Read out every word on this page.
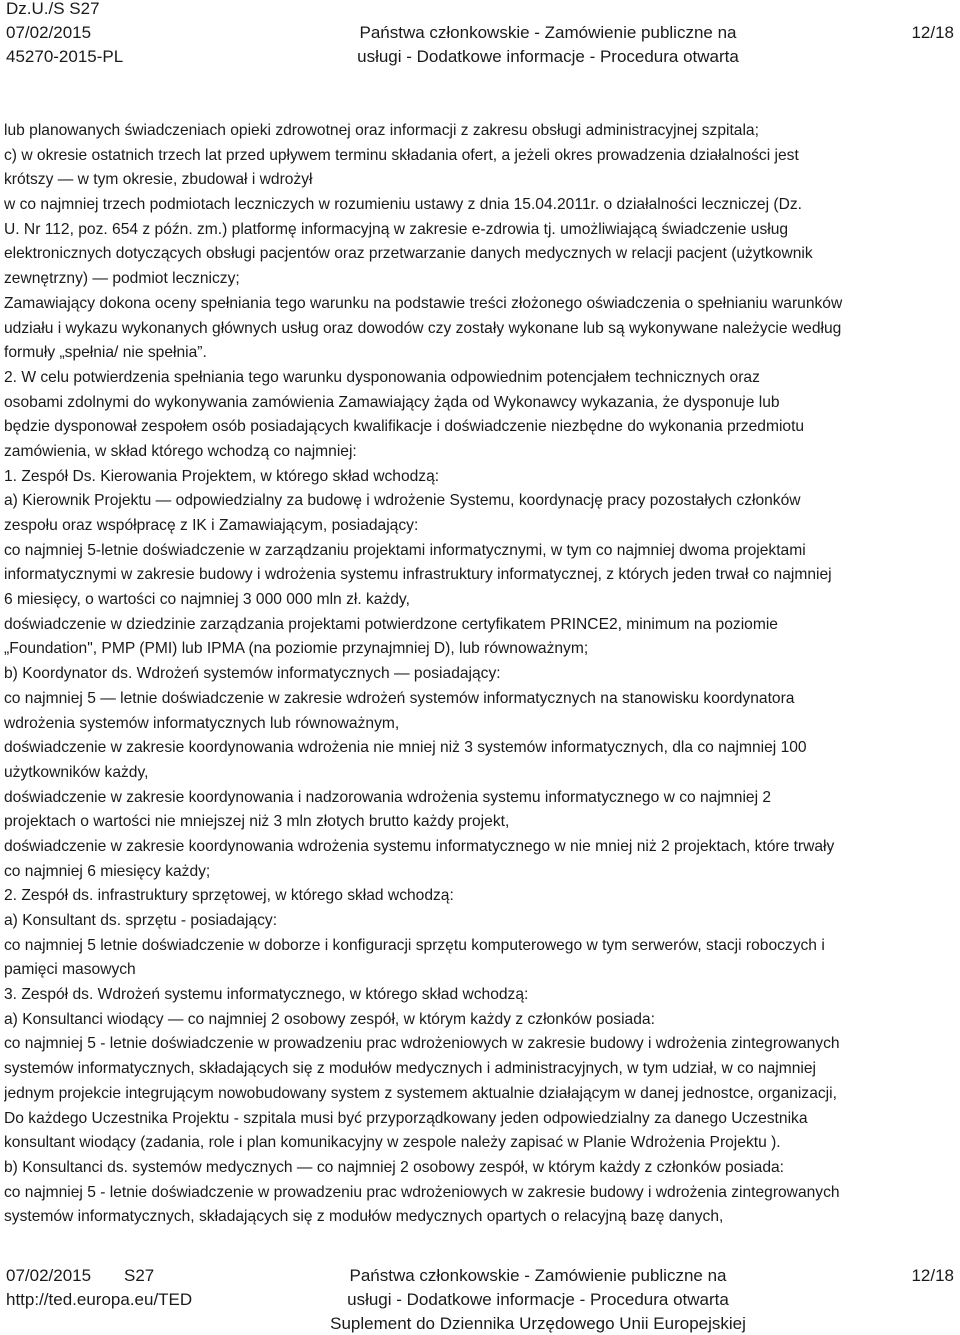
Dz.U./S S27
07/02/2015
45270-2015-PL
Państwa członkowskie - Zamówienie publiczne na
usługi - Dodatkowe informacje - Procedura otwarta
12/18
lub planowanych świadczeniach opieki zdrowotnej oraz informacji z zakresu obsługi administracyjnej szpitala;
c) w okresie ostatnich trzech lat przed upływem terminu składania ofert, a jeżeli okres prowadzenia działalności jest
krótszy — w tym okresie, zbudował i wdrożył
w co najmniej trzech podmiotach leczniczych w rozumieniu ustawy z dnia 15.04.2011r. o działalności leczniczej (Dz.
U. Nr 112, poz. 654 z późn. zm.) platformę informacyjną w zakresie e-zdrowia tj. umożliwiającą świadczenie usług
elektronicznych dotyczących obsługi pacjentów oraz przetwarzanie danych medycznych w relacji pacjent (użytkownik
zewnętrzny) — podmiot leczniczy;
Zamawiający dokona oceny spełniania tego warunku na podstawie treści złożonego oświadczenia o spełnianiu warunków
udziału i wykazu wykonanych głównych usług oraz dowodów czy zostały wykonane lub są wykonywane należycie według
formuły „spełnia/ nie spełnia”.
2. W celu potwierdzenia spełniania tego warunku dysponowania odpowiednim potencjałem technicznych oraz
osobami zdolnymi do wykonywania zamówienia Zamawiający żąda od Wykonawcy wykazania, że dysponuje lub
będzie dysponował zespołem osób posiadających kwalifikacje i doświadczenie niezbędne do wykonania przedmiotu
zamówienia, w skład którego wchodzą co najmniej:
1. Zespół Ds. Kierowania Projektem, w którego skład wchodzą:
a) Kierownik Projektu — odpowiedzialny za budowę i wdrożenie Systemu, koordynację pracy pozostałych członków
zespołu oraz współpracę z IK i Zamawiającym, posiadający:
co najmniej 5-letnie doświadczenie w zarządzaniu projektami informatycznymi, w tym co najmniej dwoma projektami
informatycznymi w zakresie budowy i wdrożenia systemu infrastruktury informatycznej, z których jeden trwał co najmniej
6 miesięcy, o wartości co najmniej 3 000 000 mln zł. każdy,
doświadczenie w dziedzinie zarządzania projektami potwierdzone certyfikatem PRINCE2, minimum na poziomie
„Foundation", PMP (PMI) lub IPMA (na poziomie przynajmniej D), lub równoważnym;
b) Koordynator ds. Wdrożeń systemów informatycznych — posiadający:
co najmniej 5 — letnie doświadczenie w zakresie wdrożeń systemów informatycznych na stanowisku koordynatora
wdrożenia systemów informatycznych lub równoważnym,
doświadczenie w zakresie koordynowania wdrożenia nie mniej niż 3 systemów informatycznych, dla co najmniej 100
użytkowników każdy,
doświadczenie w zakresie koordynowania i nadzorowania wdrożenia systemu informatycznego w co najmniej 2
projektach o wartości nie mniejszej niż 3 mln złotych brutto każdy projekt,
doświadczenie w zakresie koordynowania wdrożenia systemu informatycznego w nie mniej niż 2 projektach, które trwały
co najmniej 6 miesięcy każdy;
2. Zespół ds. infrastruktury sprzętowej, w którego skład wchodzą:
a) Konsultant ds. sprzętu - posiadający:
co najmniej 5 letnie doświadczenie w doborze i konfiguracji sprzętu komputerowego w tym serwerów, stacji roboczych i
pamięci masowych
3. Zespół ds. Wdrożeń systemu informatycznego, w którego skład wchodzą:
a) Konsultanci wiodący — co najmniej 2 osobowy zespół, w którym każdy z członków posiada:
co najmniej 5 - letnie doświadczenie w prowadzeniu prac wdrożeniowych w zakresie budowy i wdrożenia zintegrowanych
systemów informatycznych, składających się z modułów medycznych i administracyjnych, w tym udział, w co najmniej
jednym projekcie integrującym nowobudowany system z systemem aktualnie działającym w danej jednostce, organizacji,
Do każdego Uczestnika Projektu - szpitala musi być przyporządkowany jeden odpowiedzialny za danego Uczestnika
konsultant wiodący (zadania, role i plan komunikacyjny w zespole należy zapisać w Planie Wdrożenia Projektu ).
b) Konsultanci ds. systemów medycznych — co najmniej 2 osobowy zespół, w którym każdy z członków posiada:
co najmniej 5 - letnie doświadczenie w prowadzeniu prac wdrożeniowych w zakresie budowy i wdrożenia zintegrowanych
systemów informatycznych, składających się z modułów medycznych opartych o relacyjną bazę danych,
07/02/2015 S27
http://ted.europa.eu/TED
Państwa członkowskie - Zamówienie publiczne na
usługi - Dodatkowe informacje - Procedura otwarta
Suplement do Dziennika Urzędowego Unii Europejskiej
12/18
